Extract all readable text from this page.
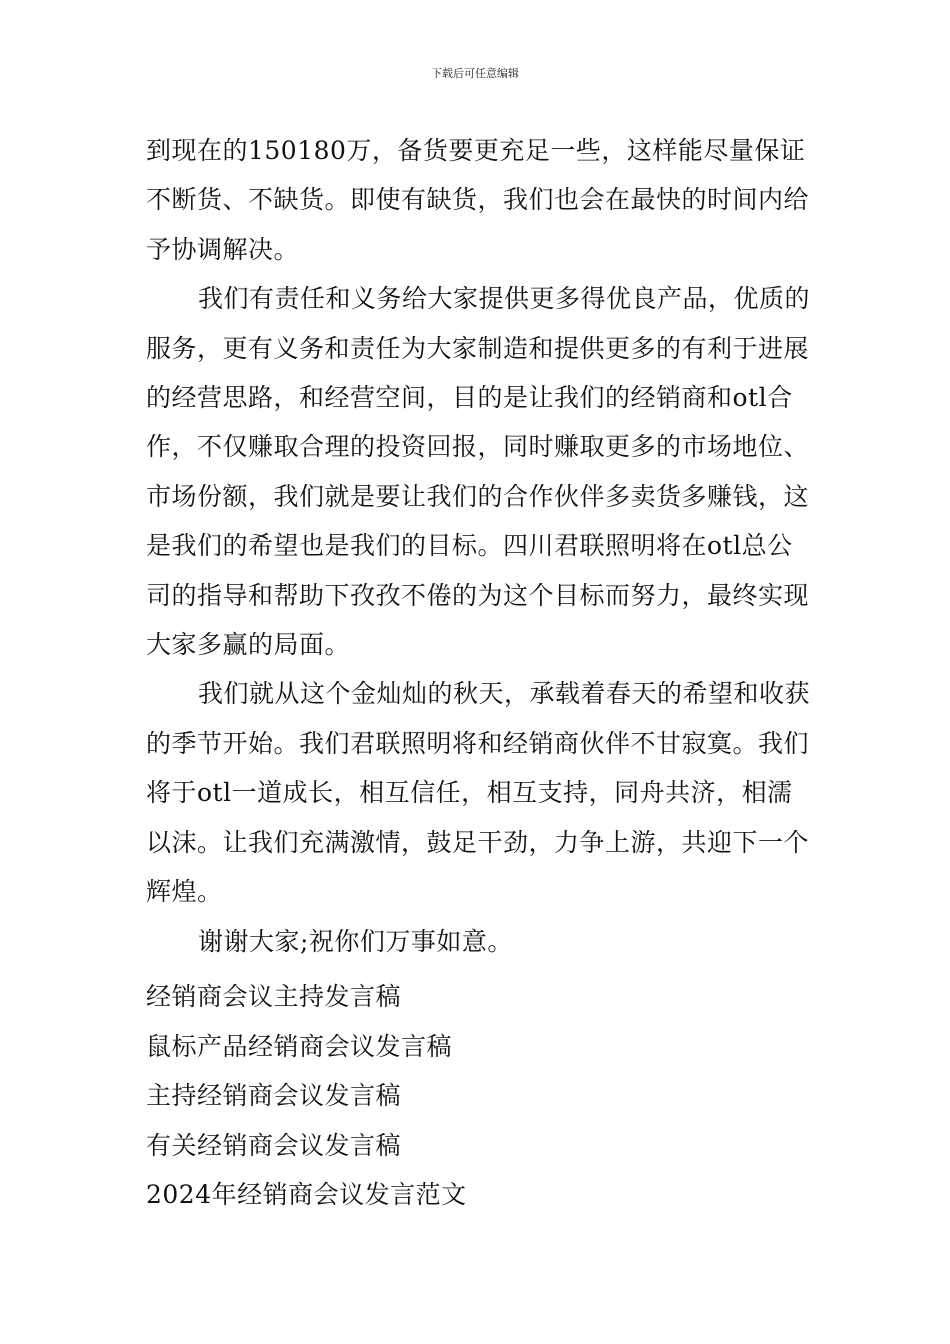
下载后可任意编辑

到现在的150180万，备货要更充足一些，这样能尽量保证不断货、不缺货。即使有缺货，我们也会在最快的时间内给予协调解决。

我们有责任和义务给大家提供更多得优良产品，优质的服务，更有义务和责任为大家制造和提供更多的有利于进展的经营思路，和经营空间，目的是让我们的经销商和otl合作，不仅赚取合理的投资回报，同时赚取更多的市场地位、市场份额，我们就是要让我们的合作伙伴多卖货多赚钱，这是我们的希望也是我们的目标。四川君联照明将在otl总公司的指导和帮助下孜孜不倦的为这个目标而努力，最终实现大家多赢的局面。

我们就从这个金灿灿的秋天，承载着春天的希望和收获的季节开始。我们君联照明将和经销商伙伴不甘寂寞。我们将于otl一道成长，相互信任，相互支持，同舟共济，相濡以沫。让我们充满激情，鼓足干劲，力争上游，共迎下一个辉煌。

谢谢大家;祝你们万事如意。

经销商会议主持发言稿

鼠标产品经销商会议发言稿

主持经销商会议发言稿

有关经销商会议发言稿

2024年经销商会议发言范文
